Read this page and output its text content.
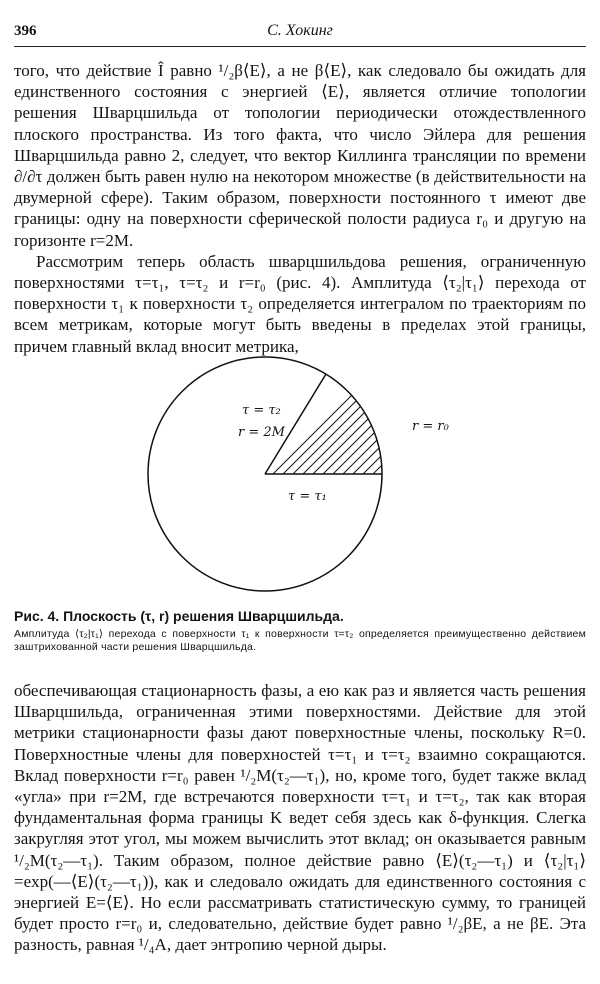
396	С. Хокинг

того, что действие Î равно ¹/₂β⟨E⟩, а не β⟨E⟩, как следовало бы ожидать для единственного состояния с энергией ⟨E⟩, является отличие топологии решения Шварцшильда от топологии периодически отождествленного плоского пространства. Из того факта, что число Эйлера для решения Шварцшильда равно 2, следует, что вектор Киллинга трансляции по времени ∂/∂τ должен быть равен нулю на некотором множестве (в действительности на двумерной сфере). Таким образом, поверхности постоянного τ имеют две границы: одну на поверхности сферической полости радиуса r₀ и другую на горизонте r=2M.

Рассмотрим теперь область шварцшильдова решения, ограниченную поверхностями τ=τ₁, τ=τ₂ и r=r₀ (рис. 4). Амплитуда ⟨τ₂|τ₁⟩ перехода от поверхности τ₁ к поверхности τ₂ определяется интегралом по траекториям по всем метрикам, которые могут быть введены в пределах этой границы, причем главный вклад вносит метрика,

τ = τ₂
r = 2M	r = r₀
τ = τ₁
Рис. 4. Плоскость (τ, r) решения Шварцшильда.
Амплитуда ⟨τ₂|τ₁⟩ перехода с поверхности τ₁ к поверхности τ=τ₂ определяется преимущественно действием заштрихованной части решения Шварцшильда.

обеспечивающая стационарность фазы, а ею как раз и является часть решения Шварцшильда, ограниченная этими поверхностями. Действие для этой метрики стационарности фазы дают поверхностные члены, поскольку R=0. Поверхностные члены для поверхностей τ=τ₁ и τ=τ₂ взаимно сокращаются. Вклад поверхности r=r₀ равен ¹/₂M(τ₂—τ₁), но, кроме того, будет также вклад «угла» при r=2M, где встречаются поверхности τ=τ₁ и τ=τ₂, так как вторая фундаментальная форма границы K ведет себя здесь как δ-функция. Слегка закругляя этот угол, мы можем вычислить этот вклад; он оказывается равным ¹/₂M(τ₂—τ₁). Таким образом, полное действие равно ⟨E⟩(τ₂—τ₁) и ⟨τ₂|τ₁⟩=exp(—⟨E⟩(τ₂—τ₁)), как и следовало ожидать для единственного состояния с энергией E=⟨E⟩. Но если рассматривать статистическую сумму, то границей будет просто r=r₀ и, следовательно, действие будет равно ¹/₂βE, а не βE. Эта разность, равная ¹/₄A, дает энтропию черной дыры.
